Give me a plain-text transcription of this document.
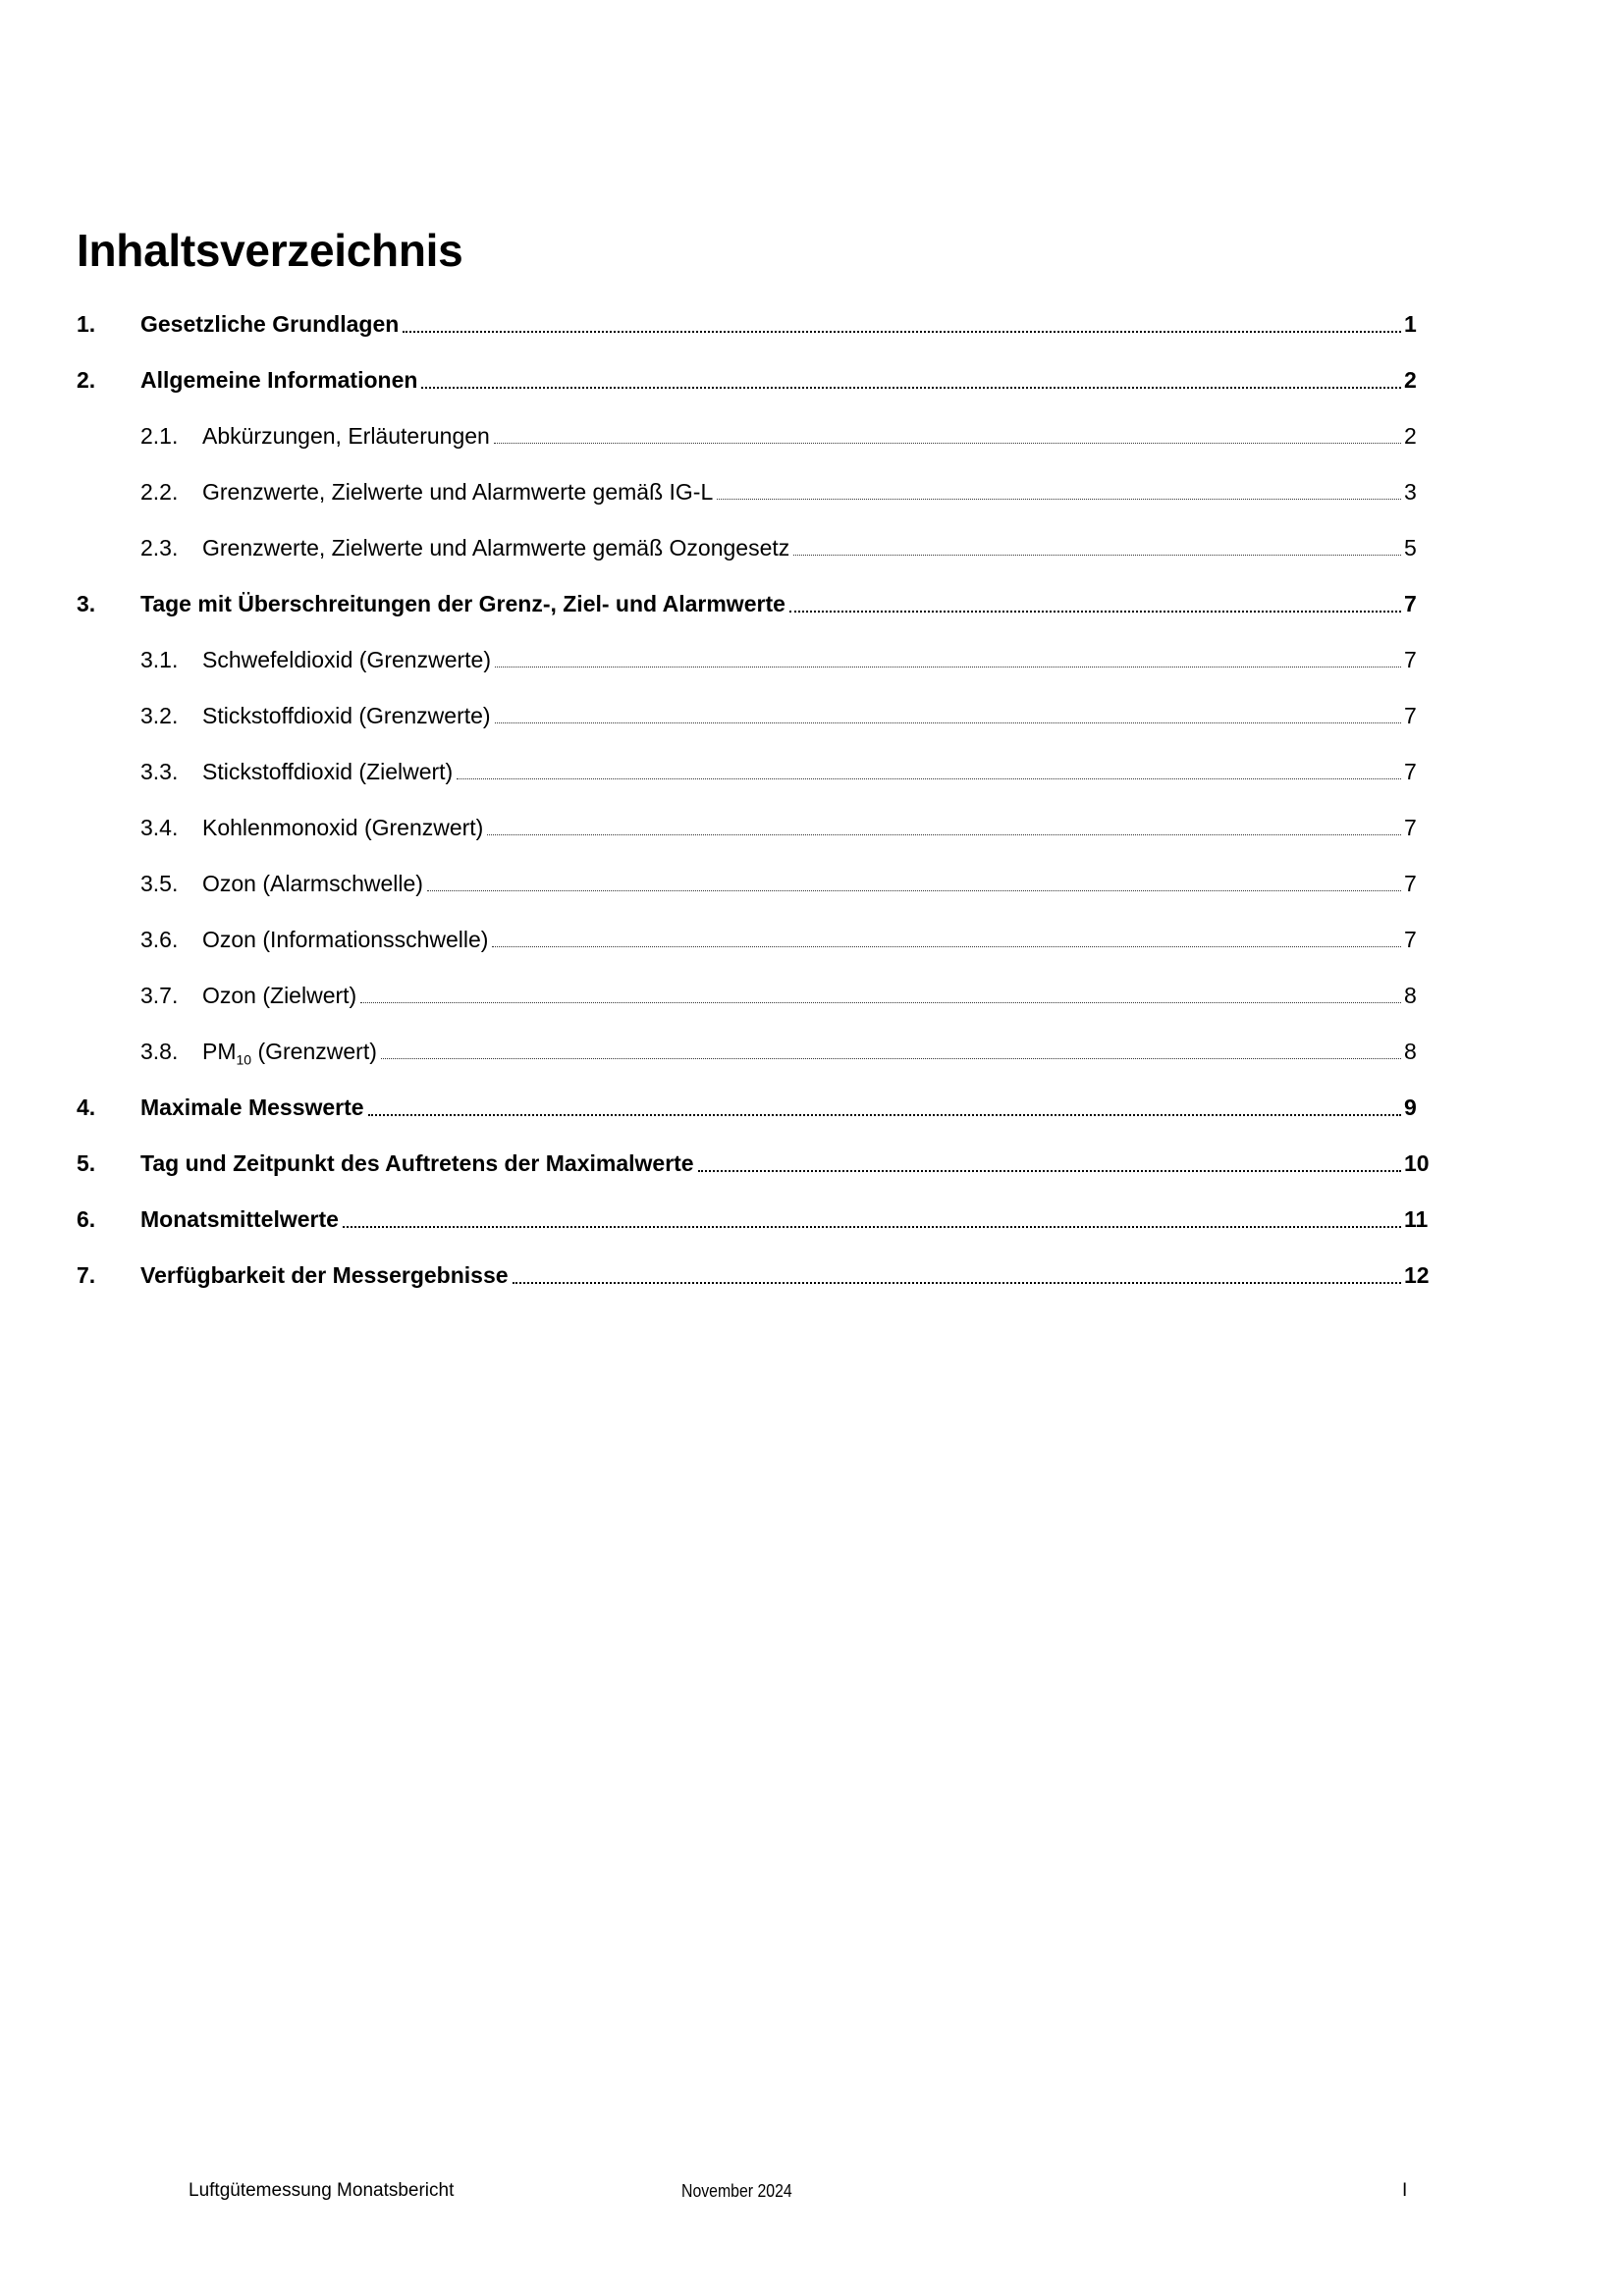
Inhaltsverzeichnis
1.	Gesetzliche Grundlagen	1
2.	Allgemeine Informationen	2
2.1.	Abkürzungen, Erläuterungen	2
2.2.	Grenzwerte, Zielwerte und Alarmwerte gemäß IG-L	3
2.3.	Grenzwerte, Zielwerte und Alarmwerte gemäß Ozongesetz	5
3.	Tage mit Überschreitungen der Grenz-, Ziel- und Alarmwerte	7
3.1.	Schwefeldioxid (Grenzwerte)	7
3.2.	Stickstoffdioxid (Grenzwerte)	7
3.3.	Stickstoffdioxid (Zielwert)	7
3.4.	Kohlenmonoxid (Grenzwert)	7
3.5.	Ozon (Alarmschwelle)	7
3.6.	Ozon (Informationsschwelle)	7
3.7.	Ozon (Zielwert)	8
3.8.	$PM_{10}$ (Grenzwert)	8
4.	Maximale Messwerte	9
5.	Tag und Zeitpunkt des Auftretens der Maximalwerte	10
6.	Monatsmittelwerte	11
7.	Verfügbarkeit der Messergebnisse	12
Luftgütemessung Monatsbericht	November 2024	I
